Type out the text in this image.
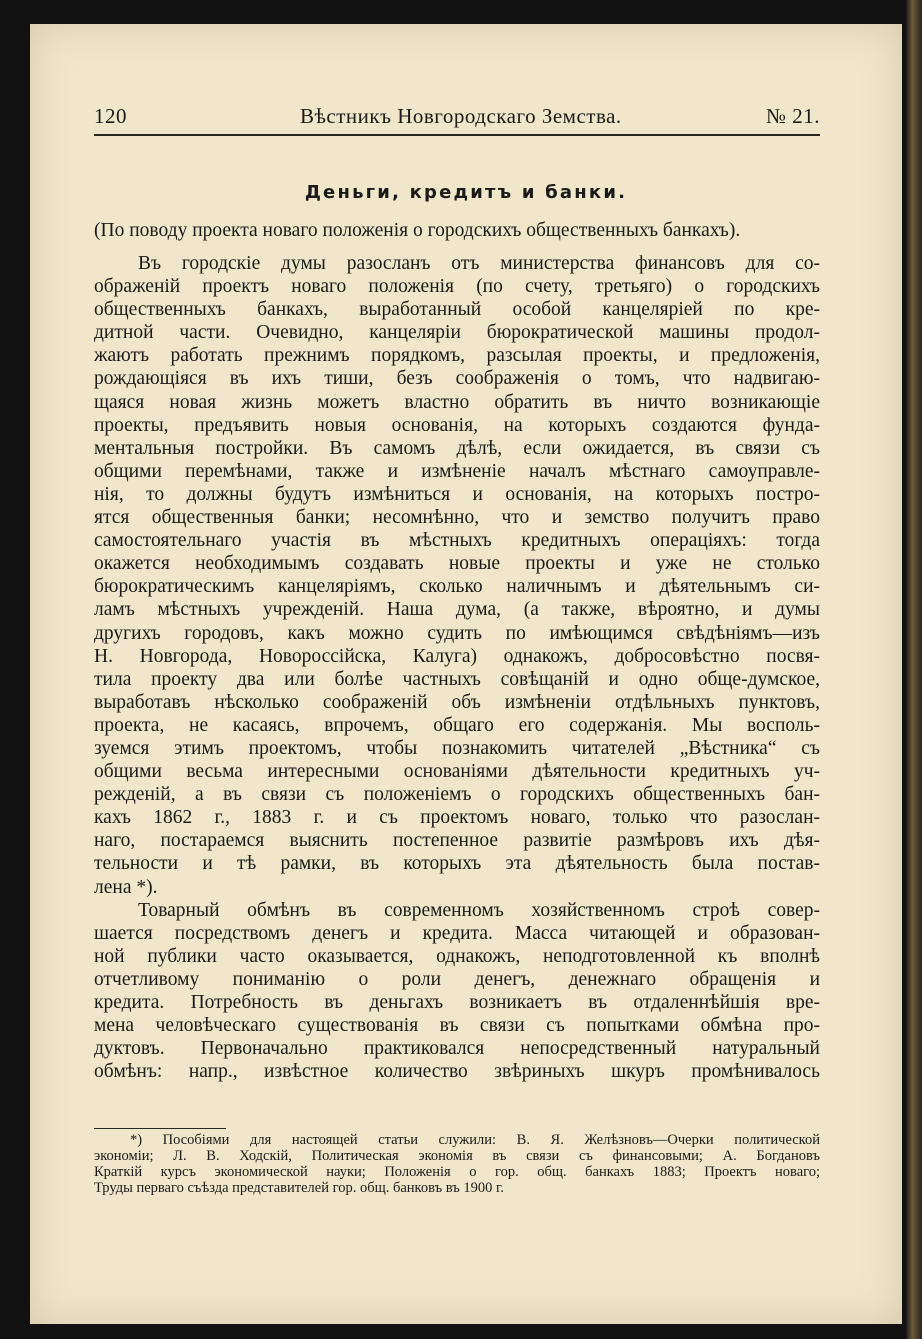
120	Вѣстникъ Новгородскаго Земства.	№ 21.
Деньги, кредитъ и банки.
(По поводу проекта новаго положенія о городскихъ общественныхъ банкахъ).
Въ городскіе думы разосланъ отъ министерства финансовъ для со-
ображеній проектъ новаго положенія (по счету, третьяго) о городскихъ
общественныхъ банкахъ, выработанный особой канцеляріей по кре-
дитной части. Очевидно, канцеляріи бюрократической машины продол-
жаютъ работать прежнимъ порядкомъ, разсылая проекты, и предложенія,
рождающіяся въ ихъ тиши, безъ соображенія о томъ, что надвигаю-
щаяся новая жизнь можетъ властно обратить въ ничто возникающіе
проекты, предъявить новыя основанія, на которыхъ создаются фунда-
ментальныя постройки. Въ самомъ дѣлѣ, если ожидается, въ связи съ
общими перемѣнами, также и измѣненіе началъ мѣстнаго самоуправле-
нія, то должны будутъ измѣниться и основанія, на которыхъ постро-
ятся общественныя банки; несомнѣнно, что и земство получитъ право
самостоятельнаго участія въ мѣстныхъ кредитныхъ операціяхъ: тогда
окажется необходимымъ создавать новые проекты и уже не столько
бюрократическимъ канцеляріямъ, сколько наличнымъ и дѣятельнымъ си-
ламъ мѣстныхъ учрежденій. Наша дума, (а также, вѣроятно, и думы
другихъ городовъ, какъ можно судить по имѣющимся свѣдѣніямъ—изъ
Н. Новгорода, Новороссійска, Калуга) однакожъ, добросовѣстно посвя-
тила проекту два или болѣе частныхъ совѣщаній и одно обще-думское,
выработавъ нѣсколько соображеній объ измѣненіи отдѣльныхъ пунктовъ,
проекта, не касаясь, впрочемъ, общаго его содержанія. Мы восполь-
зуемся этимъ проектомъ, чтобы познакомить читателей „Вѣстника“ съ
общими весьма интересными основаніями дѣятельности кредитныхъ уч-
режденій, а въ связи съ положеніемъ о городскихъ общественныхъ бан-
кахъ 1862 г., 1883 г. и съ проектомъ новаго, только что разослан-
наго, постараемся выяснить постепенное развитіе размѣровъ ихъ дѣя-
тельности и тѣ рамки, въ которыхъ эта дѣятельность была постав-
лена *).
Товарный обмѣнъ въ современномъ хозяйственномъ строѣ совер-
шается посредствомъ денегъ и кредита. Масса читающей и образован-
ной публики часто оказывается, однакожъ, неподготовленной къ вполнѣ
отчетливому пониманію о роли денегъ, денежнаго обращенія и
кредита. Потребность въ деньгахъ возникаетъ въ отдаленнѣйшія вре-
мена человѣческаго существованія въ связи съ попытками обмѣна про-
дуктовъ. Первоначально практиковался непосредственный натуральный
обмѣнъ: напр., извѣстное количество звѣриныхъ шкуръ промѣнивалось
*) Пособіями для настоящей статьи служили: В. Я. Желѣзновъ—Очерки политической
экономіи; Л. В. Ходскій, Политическая экономія въ связи съ финансовыми; А. Богдановъ
Краткій курсъ экономической науки; Положенія о гор. общ. банкахъ 1883; Проектъ новаго;
Труды перваго съѣзда представителей гор. общ. банковъ въ 1900 г.
